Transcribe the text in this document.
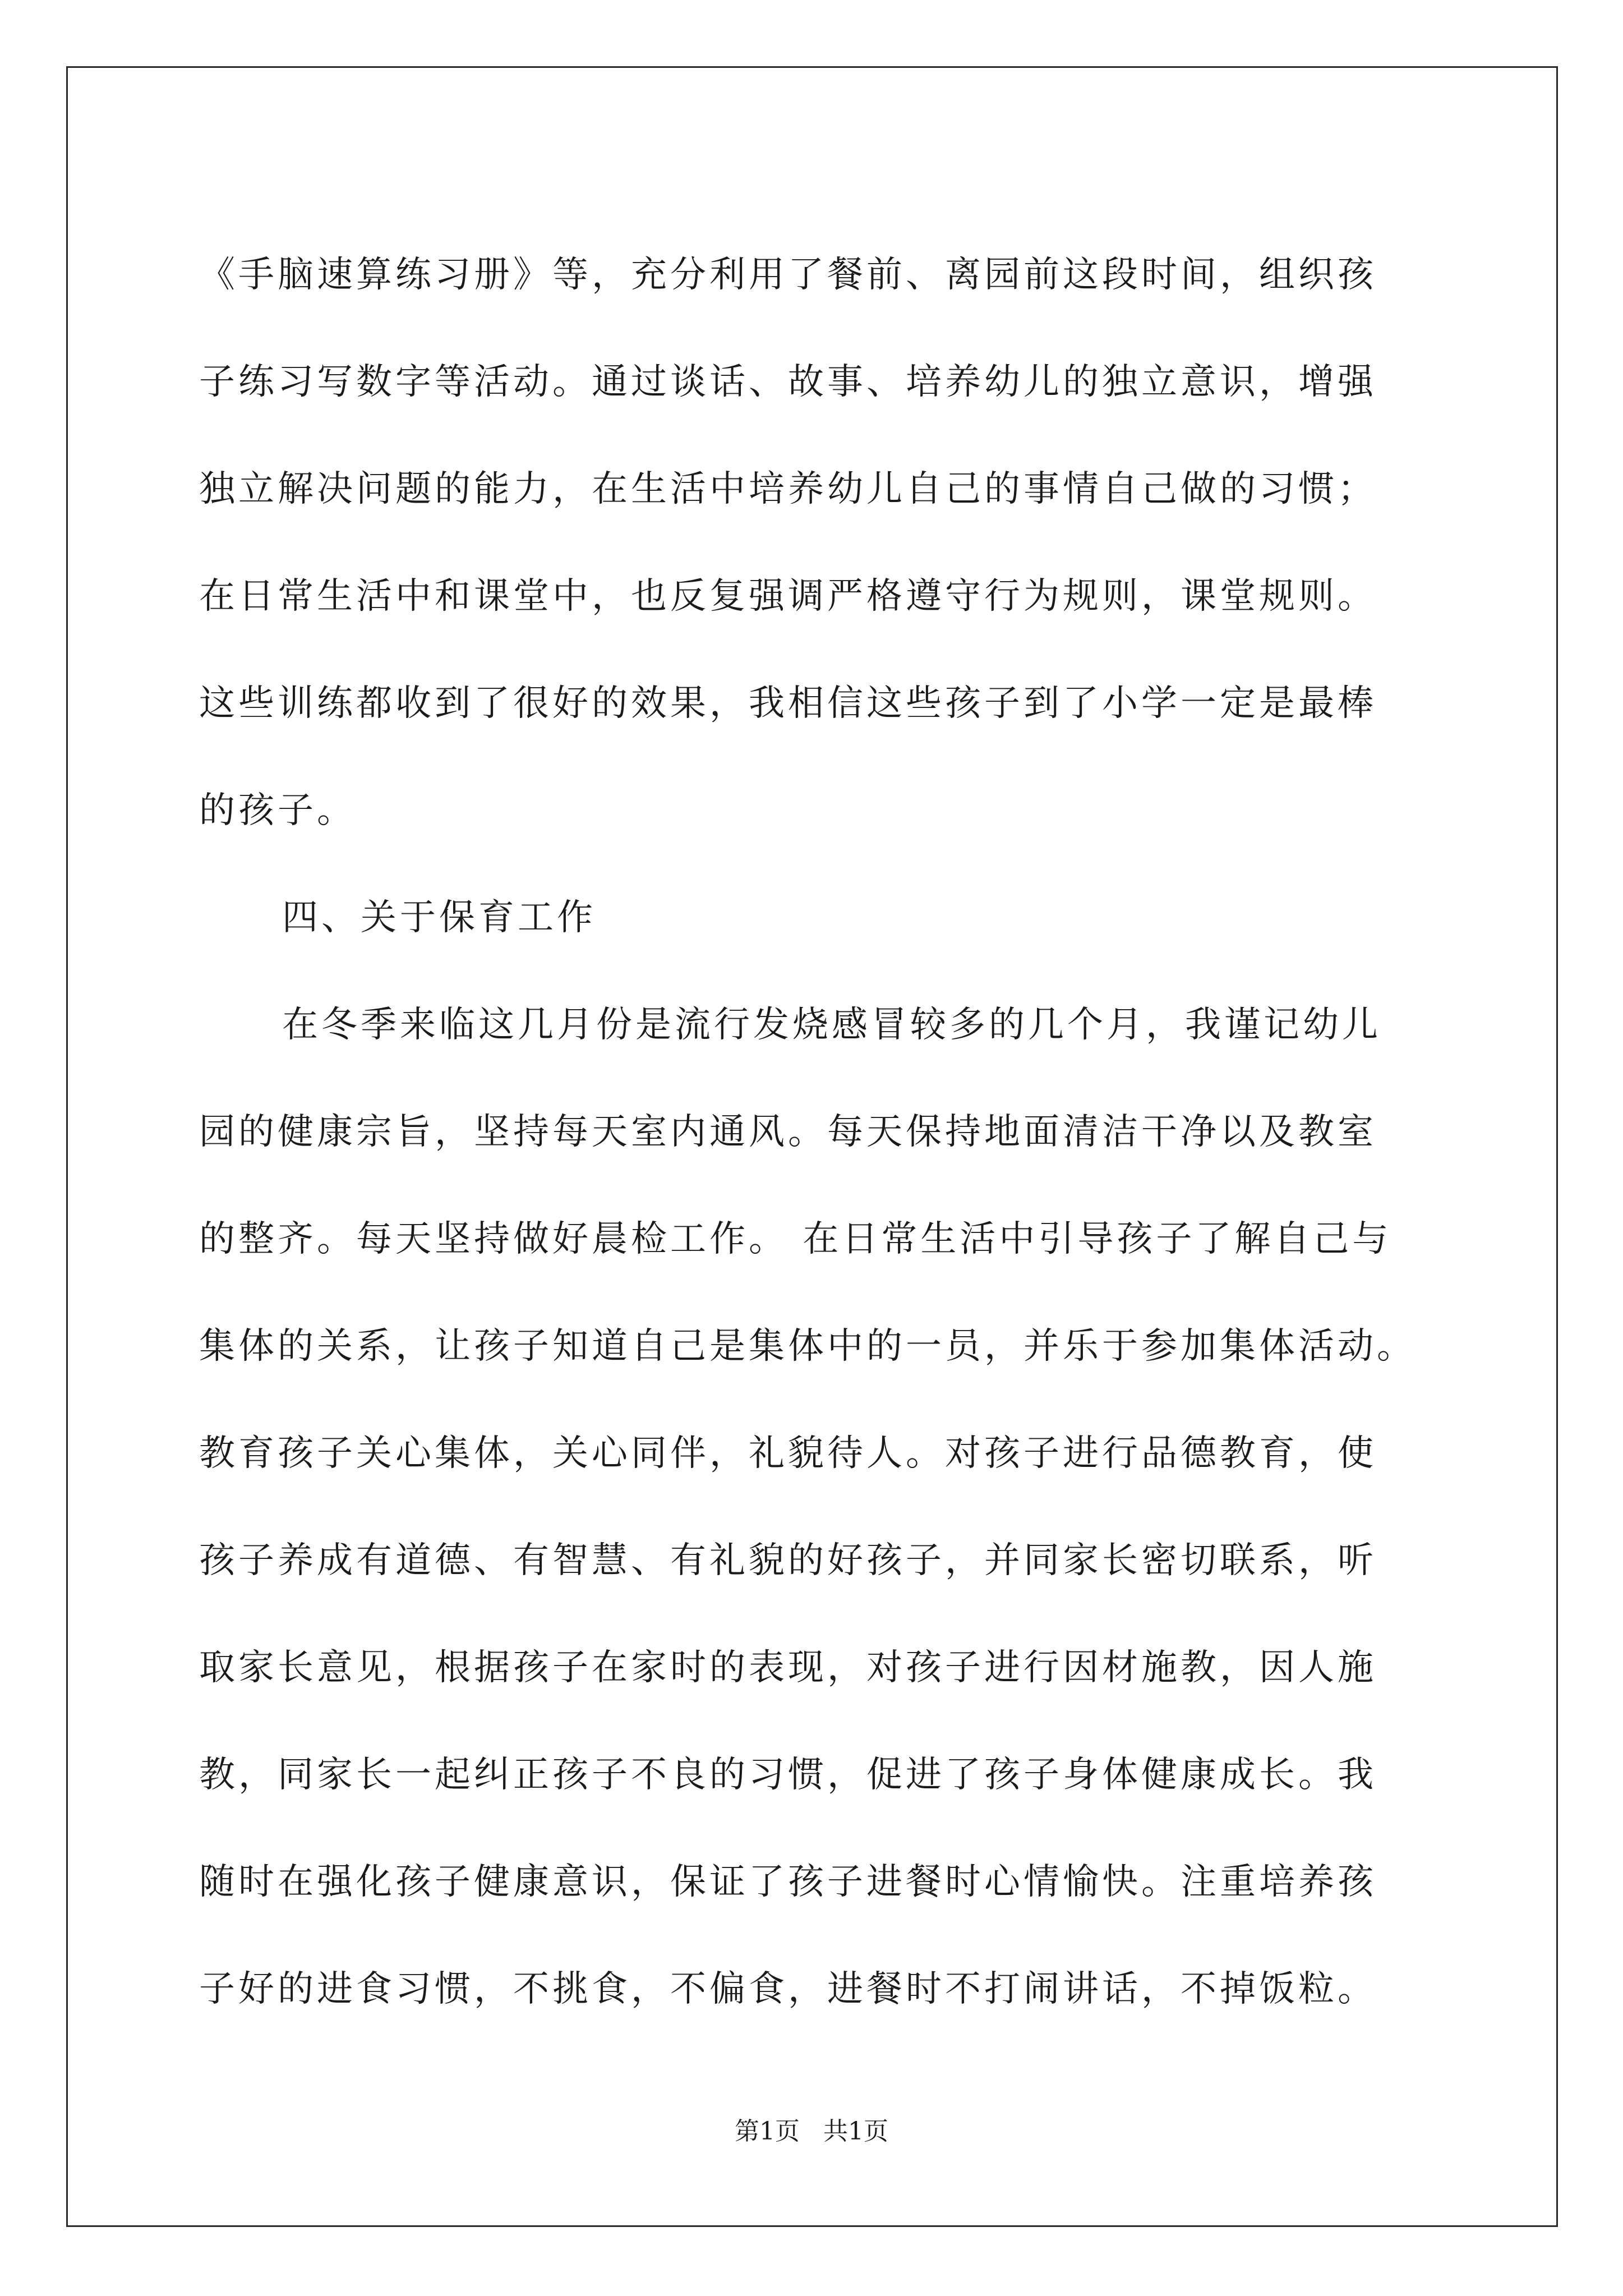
《手脑速算练习册》等，充分利用了餐前、离园前这段时间，组织孩
子练习写数字等活动。通过谈话、故事、培养幼儿的独立意识，增强
独立解决问题的能力，在生活中培养幼儿自己的事情自己做的习惯；
在日常生活中和课堂中，也反复强调严格遵守行为规则，课堂规则。
这些训练都收到了很好的效果，我相信这些孩子到了小学一定是最棒
的孩子。
四、关于保育工作
在冬季来临这几月份是流行发烧感冒较多的几个月，我谨记幼儿
园的健康宗旨，坚持每天室内通风。每天保持地面清洁干净以及教室
的整齐。每天坚持做好晨检工作。 在日常生活中引导孩子了解自己与
集体的关系，让孩子知道自己是集体中的一员，并乐于参加集体活动。
教育孩子关心集体，关心同伴，礼貌待人。对孩子进行品德教育，使
孩子养成有道德、有智慧、有礼貌的好孩子，并同家长密切联系，听
取家长意见，根据孩子在家时的表现，对孩子进行因材施教，因人施
教，同家长一起纠正孩子不良的习惯，促进了孩子身体健康成长。我
随时在强化孩子健康意识，保证了孩子进餐时心情愉快。注重培养孩
子好的进食习惯，不挑食，不偏食，进餐时不打闹讲话，不掉饭粒。
第1页   共1页
